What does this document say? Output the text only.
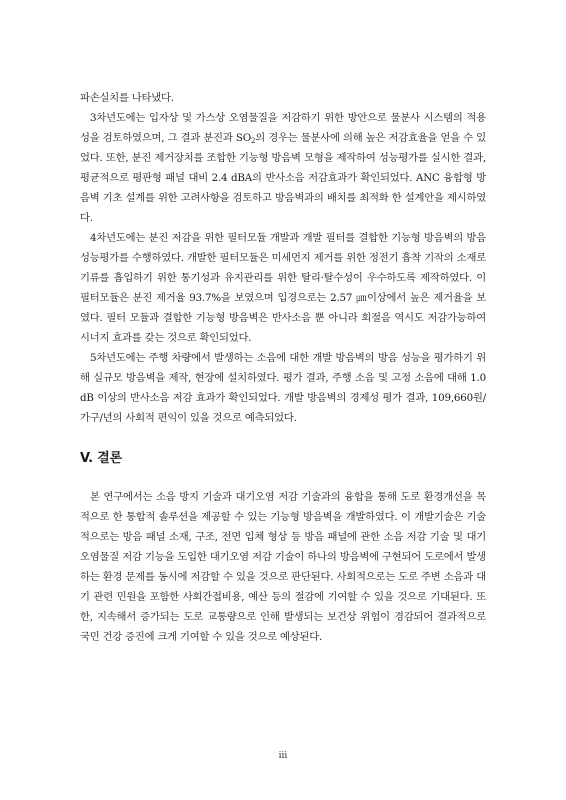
파손실치를 나타냈다.

3차년도에는 입자상 및 가스상 오염물질을 저감하기 위한 방안으로 물분사 시스템의 적용성을 검토하였으며, 그 결과 분진과 $SO_2$의 경우는 물분사에 의해 높은 저감효율을 얻을 수 있었다. 또한, 분진 제거장치를 조합한 기능형 방음벽 모형을 제작하여 성능평가를 실시한 결과, 평균적으로 평판형 패널 대비 2.4 dBA의 반사소음 저감효과가 확인되었다. ANC 융합형 방음벽 기초 설계를 위한 고려사항을 검토하고 방음벽과의 배치를 최적화 한 설계안을 제시하였다.

4차년도에는 분진 저감을 위한 필터모듈 개발과 개발 필터를 결합한 기능형 방음벽의 방음 성능평가를 수행하였다. 개발한 필터모듈은 미세먼지 제거를 위한 정전기 흡착 기작의 소재로 기류를 흡입하기 위한 통기성과 유지관리를 위한 탈리·탈수성이 우수하도록 제작하였다. 이 필터모듈은 분진 제거율 93.7%을 보였으며 입경으로는 2.57 ㎛이상에서 높은 제거율을 보였다. 필터 모듈과 결합한 기능형 방음벽은 반사소음 뿐 아니라 회절음 역시도 저감가능하여 시너지 효과를 갖는 것으로 확인되었다.

5차년도에는 주행 차량에서 발생하는 소음에 대한 개발 방음벽의 방음 성능을 평가하기 위해 실규모 방음벽을 제작, 현장에 설치하였다. 평가 결과, 주행 소음 및 고정 소음에 대해 1.0 dB 이상의 반사소음 저감 효과가 확인되었다. 개발 방음벽의 경제성 평가 결과, 109,660원/가구/년의 사회적 편익이 있을 것으로 예측되었다.

V. 결론

본 연구에서는 소음 방지 기술과 대기오염 저감 기술과의 융합을 통해 도로 환경개선을 목적으로 한 통합적 솔루션을 제공할 수 있는 기능형 방음벽을 개발하였다. 이 개발기술은 기술적으로는 방음 패널 소재, 구조, 전면 입체 형상 등 방음 패널에 관한 소음 저감 기술 및 대기오염물질 저감 기능을 도입한 대기오염 저감 기술이 하나의 방음벽에 구현되어 도로에서 발생하는 환경 문제를 동시에 저감할 수 있을 것으로 판단된다. 사회적으로는 도로 주변 소음과 대기 관련 민원을 포함한 사회간접비용, 예산 등의 절감에 기여할 수 있을 것으로 기대된다. 또한, 지속해서 증가되는 도로 교통량으로 인해 발생되는 보건상 위험이 경감되어 결과적으로 국민 건강 증진에 크게 기여할 수 있을 것으로 예상된다.

iii
